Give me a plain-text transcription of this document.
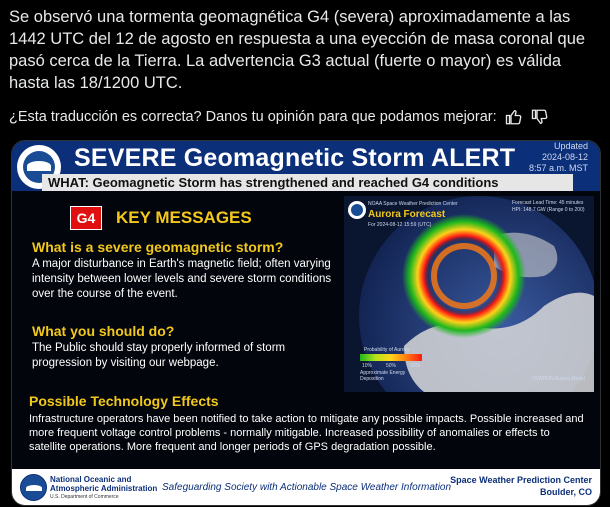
Se observó una tormenta geomagnética G4 (severa) aproximadamente a las 1442 UTC del 12 de agosto en respuesta a una eyección de masa coronal que pasó cerca de la Tierra. La advertencia G3 actual (fuerte o mayor) es válida hasta las 18/1200 UTC.
¿Esta traducción es correcta? Danos tu opinión para que podamos mejorar:
SEVERE Geomagnetic Storm ALERT	Updated
2024-08-12
8:57 a.m. MST
WHAT: Geomagnetic Storm has strengthened and reached G4 conditions
G4	KEY MESSAGES
What is a severe geomagnetic storm?
A major disturbance in Earth's magnetic field; often varying intensity between lower levels and severe storm conditions over the course of the event.
What you should do?
The Public should stay properly informed of storm progression by visiting our webpage.
NOAA Space Weather Prediction Center
Aurora Forecast
For 2024-08-12 15:59 (UTC)
Forecast Lead Time: 45 minutes
HPI: 148.7 GW (Range 0 to 200)
Probability of Aurora
10%	50%	90%
Approximate Energy Deposition	OVATION Aurora Model
Possible Technology Effects
Infrastructure operators have been notified to take action to mitigate any possible impacts. Possible increased and more frequent voltage control problems - normally mitigable. Increased possibility of anomalies or effects to satellite operations. More frequent and longer periods of GPS degradation possible.
National Oceanic and Atmospheric Administration
U.S. Department of Commerce
Safeguarding Society with Actionable Space Weather Information
Space Weather Prediction Center
Boulder, CO
